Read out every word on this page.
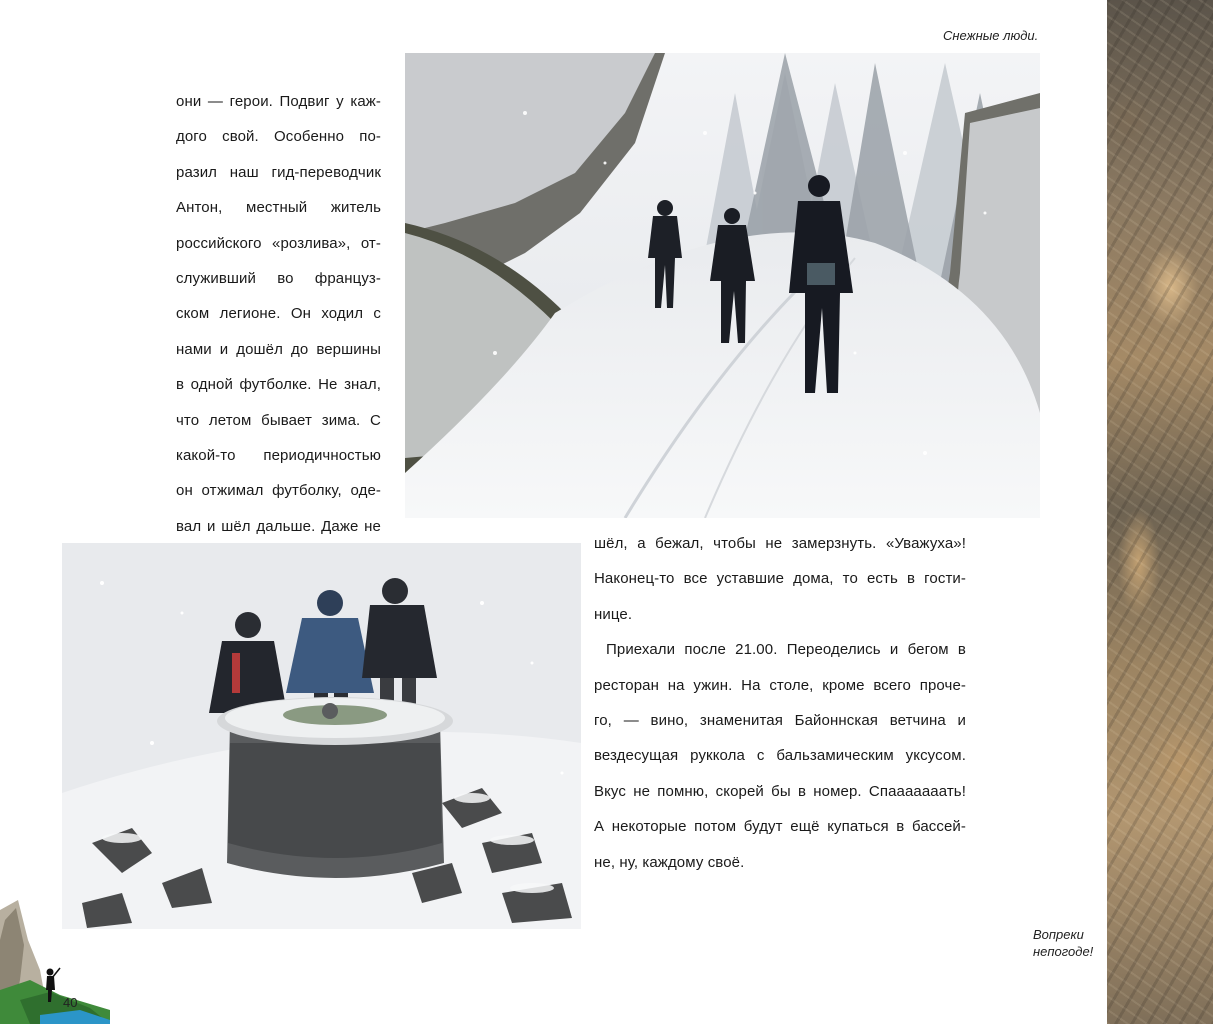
Снежные люди.
они — герои. Подвиг у каж-
дого свой. Особенно по-
разил наш гид-переводчик
Антон, местный житель
российского «розлива», от-
служивший во француз-
ском легионе. Он ходил с
нами и дошёл до вершины
в одной футболке. Не знал,
что летом бывает зима. С
какой-то периодичностью
он отжимал футболку, оде-
вал и шёл дальше. Даже не
шёл, а бежал, чтобы не замерзнуть. «Уважуха»!
Наконец-то все уставшие дома, то есть в гости-
нице.
Приехали после 21.00. Переоделись и бегом в
ресторан на ужин. На столе, кроме всего проче-
го, — вино, знаменитая Байоннская ветчина и
вездесущая руккола с бальзамическим уксусом.
Вкус не помню, скорей бы в номер. Спааааааать!
А некоторые потом будут ещё купаться в бассей-
не, ну, каждому своё.
Вопреки
непогоде!
40
